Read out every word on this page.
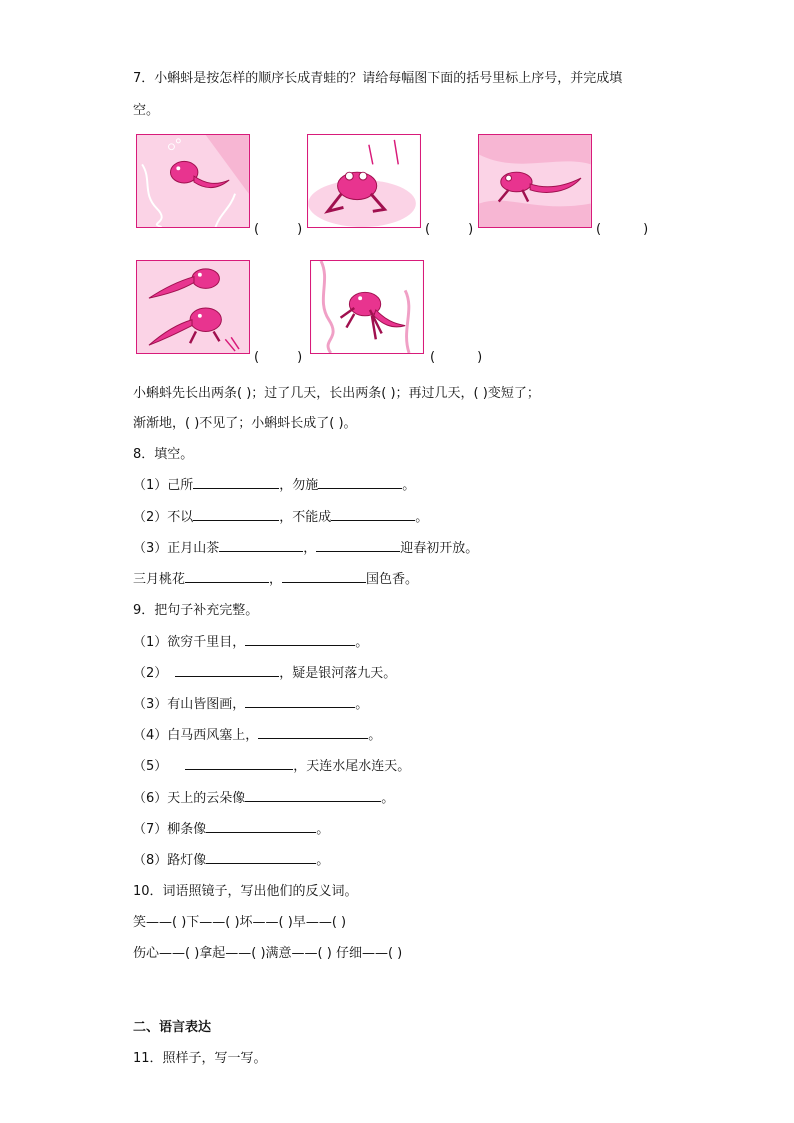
7．小蝌蚪是按怎样的顺序长成青蛙的？请给每幅图下面的括号里标上序号，并完成填
空。
(	)	(	)	(	)
(	)	(	)
小蝌蚪先长出两条( )；过了几天，长出两条( )；再过几天，( )变短了；
渐渐地，( )不见了；小蝌蚪长成了( )。
8．填空。
（1）己所	，勿施	。
（2）不以	，不能成	。
（3）正月山茶	，	迎春初开放。
三月桃花	，	国色香。
9．把句子补充完整。
（1）欲穷千里目，	。
（2）	，疑是银河落九天。
（3）有山皆图画，	。
（4）白马西风塞上，	。
（5）	，天连水尾水连天。
（6）天上的云朵像	。
（7）柳条像	。
（8）路灯像	。
10．词语照镜子，写出他们的反义词。
笑——( )下——( )坏——( )早——( )
伤心——( )拿起——( )满意——( ) 仔细——( )
二、语言表达
11．照样子，写一写。
